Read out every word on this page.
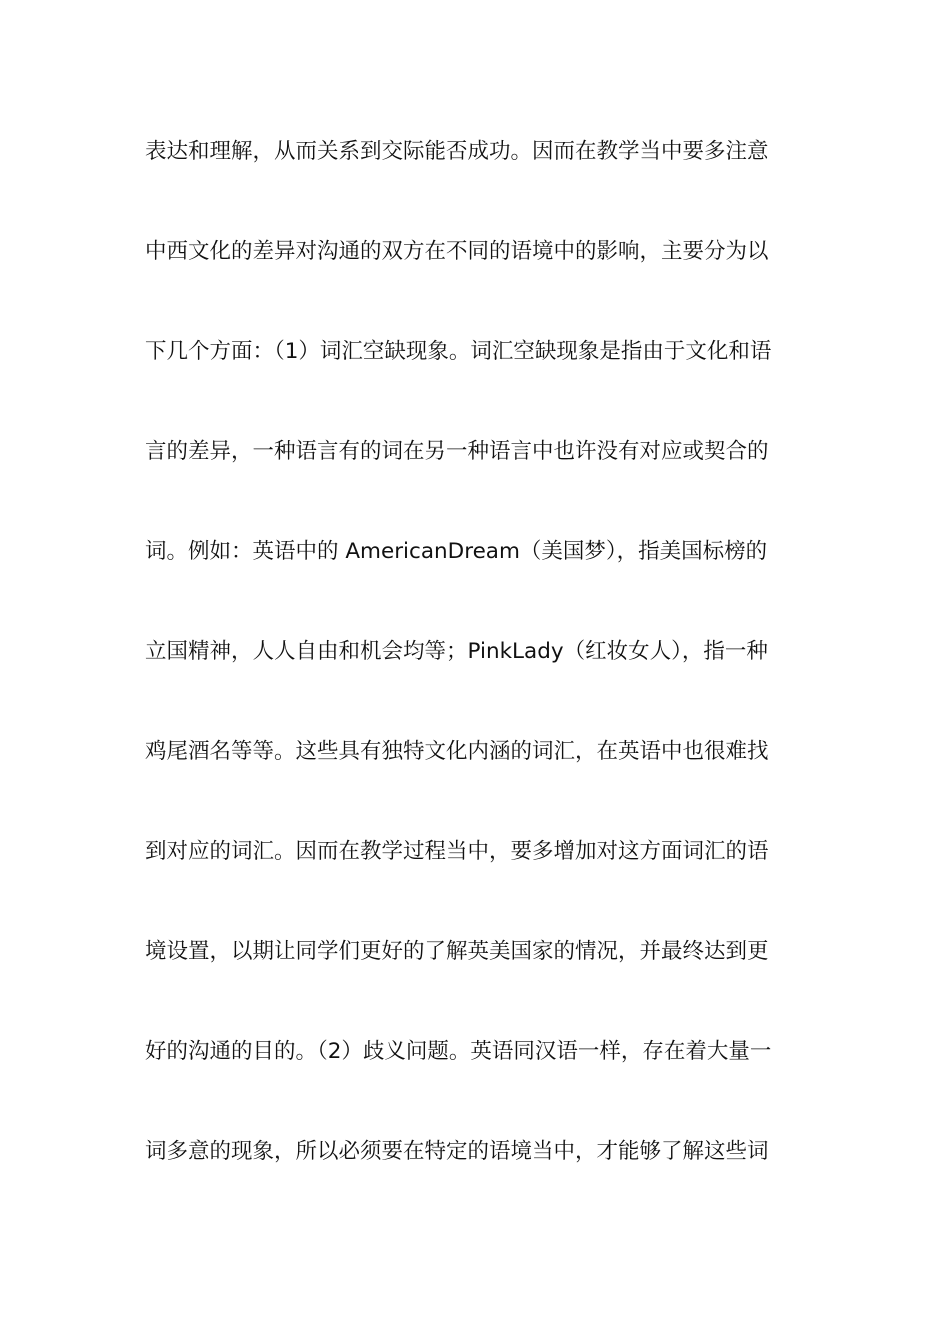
表达和理解，从而关系到交际能否成功。因而在教学当中要多注意
中西文化的差异对沟通的双方在不同的语境中的影响，主要分为以
下几个方面：（1）词汇空缺现象。词汇空缺现象是指由于文化和语
言的差异，一种语言有的词在另一种语言中也许没有对应或契合的
词。例如：英语中的 AmericanDream（美国梦），指美国标榜的
立国精神，人人自由和机会均等；PinkLady（红妆女人），指一种
鸡尾酒名等等。这些具有独特文化内涵的词汇，在英语中也很难找
到对应的词汇。因而在教学过程当中，要多增加对这方面词汇的语
境设置，以期让同学们更好的了解英美国家的情况，并最终达到更
好的沟通的目的。（2）歧义问题。英语同汉语一样，存在着大量一
词多意的现象，所以必须要在特定的语境当中，才能够了解这些词
